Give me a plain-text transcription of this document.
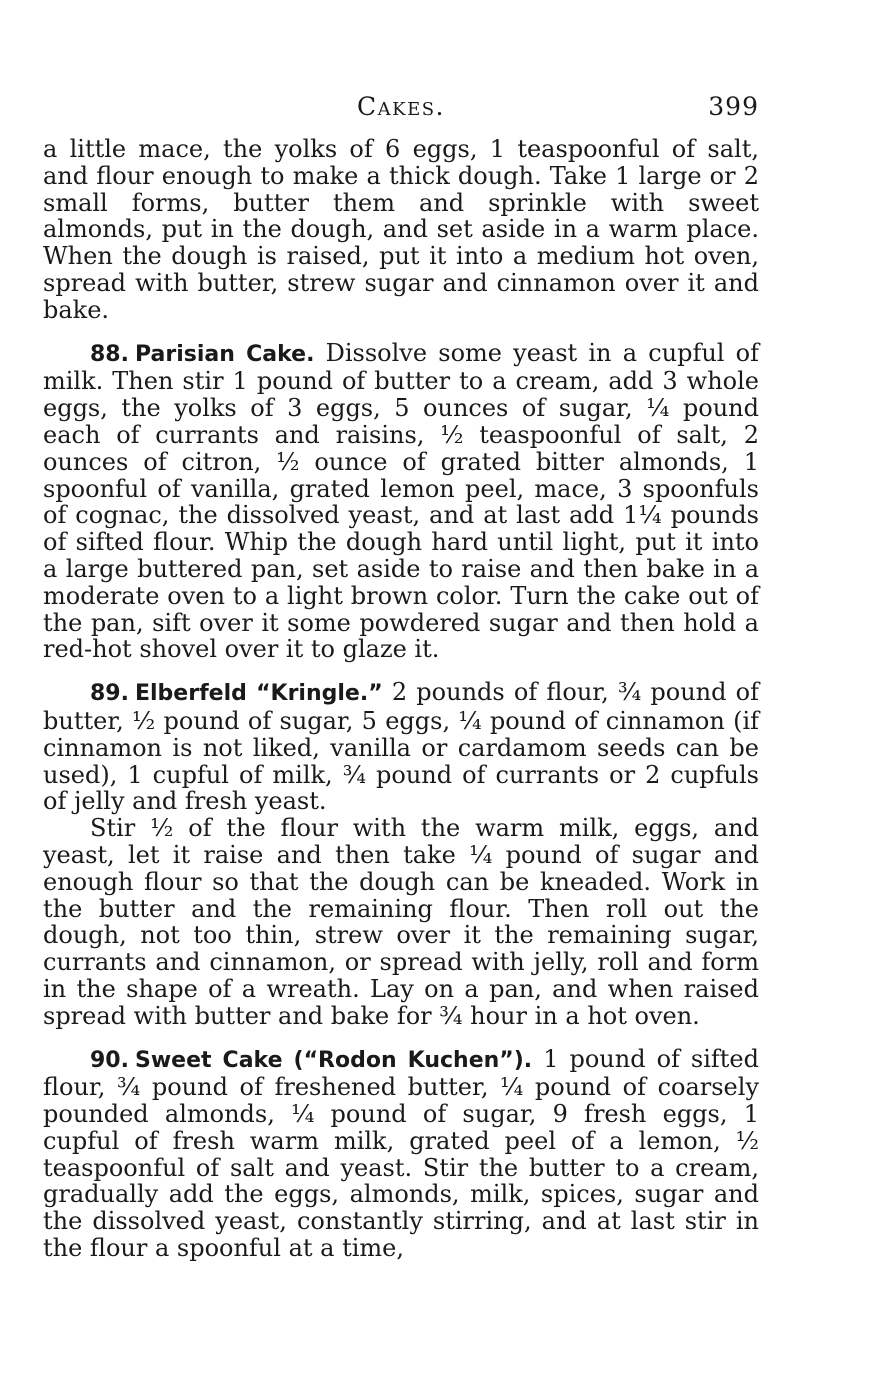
Cakes.	399

a little mace, the yolks of 6 eggs, 1 teaspoonful of salt, and flour enough to make a thick dough. Take 1 large or 2 small forms, butter them and sprinkle with sweet almonds, put in the dough, and set aside in a warm place. When the dough is raised, put it into a medium hot oven, spread with butter, strew sugar and cinnamon over it and bake.

88. Parisian Cake. Dissolve some yeast in a cupful of milk. Then stir 1 pound of butter to a cream, add 3 whole eggs, the yolks of 3 eggs, 5 ounces of sugar, ¼ pound each of currants and raisins, ½ teaspoonful of salt, 2 ounces of citron, ½ ounce of grated bitter almonds, 1 spoonful of vanilla, grated lemon peel, mace, 3 spoonfuls of cognac, the dissolved yeast, and at last add 1¼ pounds of sifted flour. Whip the dough hard until light, put it into a large buttered pan, set aside to raise and then bake in a moderate oven to a light brown color. Turn the cake out of the pan, sift over it some powdered sugar and then hold a red-hot shovel over it to glaze it.

89. Elberfeld “Kringle.” 2 pounds of flour, ¾ pound of butter, ½ pound of sugar, 5 eggs, ¼ pound of cinnamon (if cinnamon is not liked, vanilla or cardamom seeds can be used), 1 cupful of milk, ¾ pound of currants or 2 cupfuls of jelly and fresh yeast.

Stir ½ of the flour with the warm milk, eggs, and yeast, let it raise and then take ¼ pound of sugar and enough flour so that the dough can be kneaded. Work in the butter and the remaining flour. Then roll out the dough, not too thin, strew over it the remaining sugar, currants and cinnamon, or spread with jelly, roll and form in the shape of a wreath. Lay on a pan, and when raised spread with butter and bake for ¾ hour in a hot oven.

90. Sweet Cake (“Rodon Kuchen”). 1 pound of sifted flour, ¾ pound of freshened butter, ¼ pound of coarsely pounded almonds, ¼ pound of sugar, 9 fresh eggs, 1 cupful of fresh warm milk, grated peel of a lemon, ½ teaspoonful of salt and yeast. Stir the butter to a cream, gradually add the eggs, almonds, milk, spices, sugar and the dissolved yeast, constantly stirring, and at last stir in the flour a spoonful at a time,
